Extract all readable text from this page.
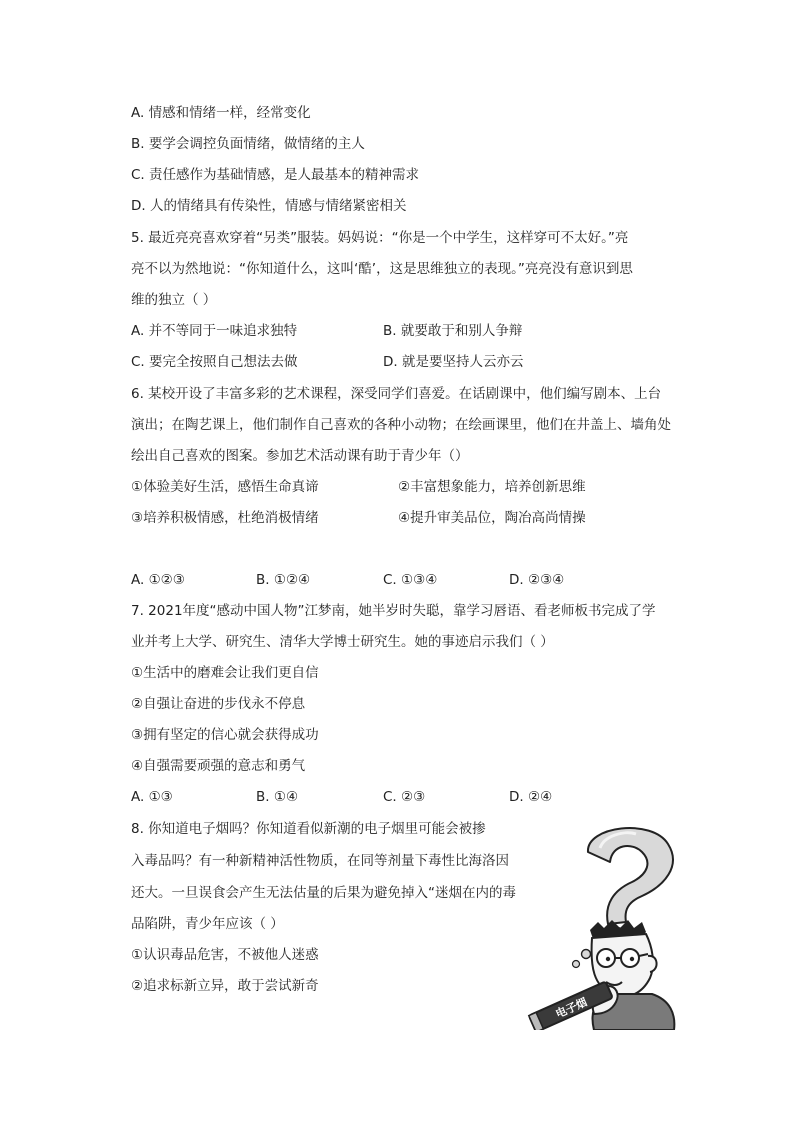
A. 情感和情绪一样，经常变化
B. 要学会调控负面情绪，做情绪的主人
C. 责任感作为基础情感，是人最基本的精神需求
D. 人的情绪具有传染性，情感与情绪紧密相关
5. 最近亮亮喜欢穿着“另类”服装。妈妈说：“你是一个中学生，这样穿可不太好。”亮
亮不以为然地说：“你知道什么，这叫‘酷’，这是思维独立的表现。”亮亮没有意识到思
维的独立（ ）
A. 并不等同于一味追求独特	B. 就要敢于和别人争辩
C. 要完全按照自己想法去做	D. 就是要坚持人云亦云
6. 某校开设了丰富多彩的艺术课程，深受同学们喜爱。在话剧课中，他们编写剧本、上台
演出；在陶艺课上，他们制作自己喜欢的各种小动物；在绘画课里，他们在井盖上、墙角处
绘出自己喜欢的图案。参加艺术活动课有助于青少年（）
①体验美好生活，感悟生命真谛	②丰富想象能力，培养创新思维
③培养积极情感，杜绝消极情绪	④提升审美品位，陶冶高尚情操
A. ①②③	B. ①②④	C. ①③④	D. ②③④
7. 2021年度“感动中国人物”江梦南，她半岁时失聪，靠学习唇语、看老师板书完成了学
业并考上大学、研究生、清华大学博士研究生。她的事迹启示我们（ ）
①生活中的磨难会让我们更自信
②自强让奋进的步伐永不停息
③拥有坚定的信心就会获得成功
④自强需要顽强的意志和勇气
A. ①③	B. ①④	C. ②③	D. ②④
8. 你知道电子烟吗？你知道看似新潮的电子烟里可能会被掺
入毒品吗？有一种新精神活性物质，在同等剂量下毒性比海洛因
还大。一旦误食会产生无法估量的后果为避免掉入“迷烟在内的毒
品陷阱，青少年应该（ ）
①认识毒品危害，不被他人迷惑
②追求标新立异，敢于尝试新奇
电子烟
